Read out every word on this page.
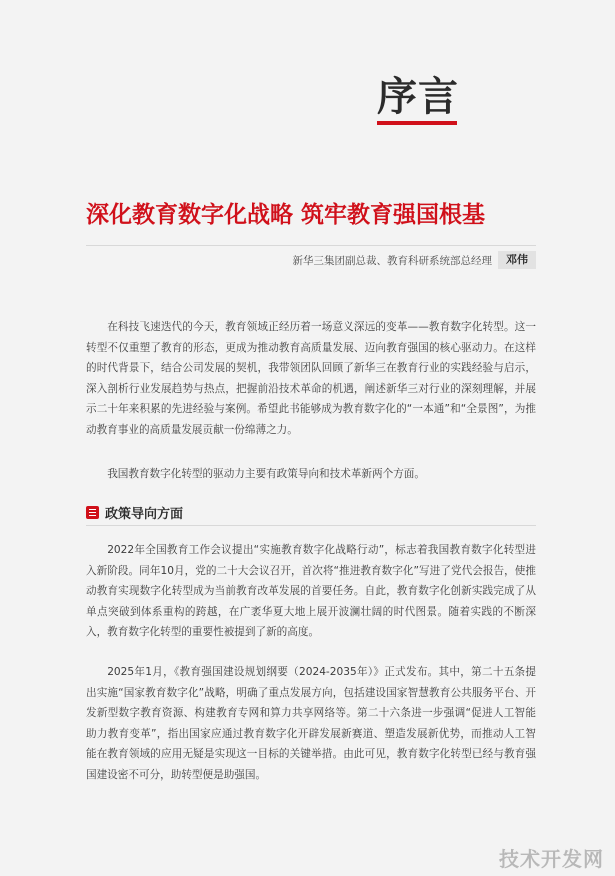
序言
深化教育数字化战略 筑牢教育强国根基
新华三集团副总裁、教育科研系统部总经理	邓伟

在科技飞速迭代的今天，教育领域正经历着一场意义深远的变革——教育数字化转型。这一转型不仅重塑了教育的形态，更成为推动教育高质量发展、迈向教育强国的核心驱动力。在这样的时代背景下，结合公司发展的契机，我带领团队回顾了新华三在教育行业的实践经验与启示，深入剖析行业发展趋势与热点，把握前沿技术革命的机遇，阐述新华三对行业的深刻理解，并展示二十年来积累的先进经验与案例。希望此书能够成为教育数字化的“一本通”和“全景图”，为推动教育事业的高质量发展贡献一份绵薄之力。

我国教育数字化转型的驱动力主要有政策导向和技术革新两个方面。

政策导向方面

2022年全国教育工作会议提出“实施教育数字化战略行动”，标志着我国教育数字化转型进入新阶段。同年10月，党的二十大会议召开，首次将“推进教育数字化”写进了党代会报告，使推动教育实现数字化转型成为当前教育改革发展的首要任务。自此，教育数字化创新实践完成了从单点突破到体系重构的跨越，在广袤华夏大地上展开波澜壮阔的时代图景。随着实践的不断深入，教育数字化转型的重要性被提到了新的高度。

2025年1月，《教育强国建设规划纲要（2024-2035年）》正式发布。其中，第二十五条提出实施“国家教育数字化”战略，明确了重点发展方向，包括建设国家智慧教育公共服务平台、开发新型数字教育资源、构建教育专网和算力共享网络等。第二十六条进一步强调“促进人工智能助力教育变革”，指出国家应通过教育数字化开辟发展新赛道、塑造发展新优势，而推动人工智能在教育领域的应用无疑是实现这一目标的关键举措。由此可见，教育数字化转型已经与教育强国建设密不可分，助转型便是助强国。

技术开发网
